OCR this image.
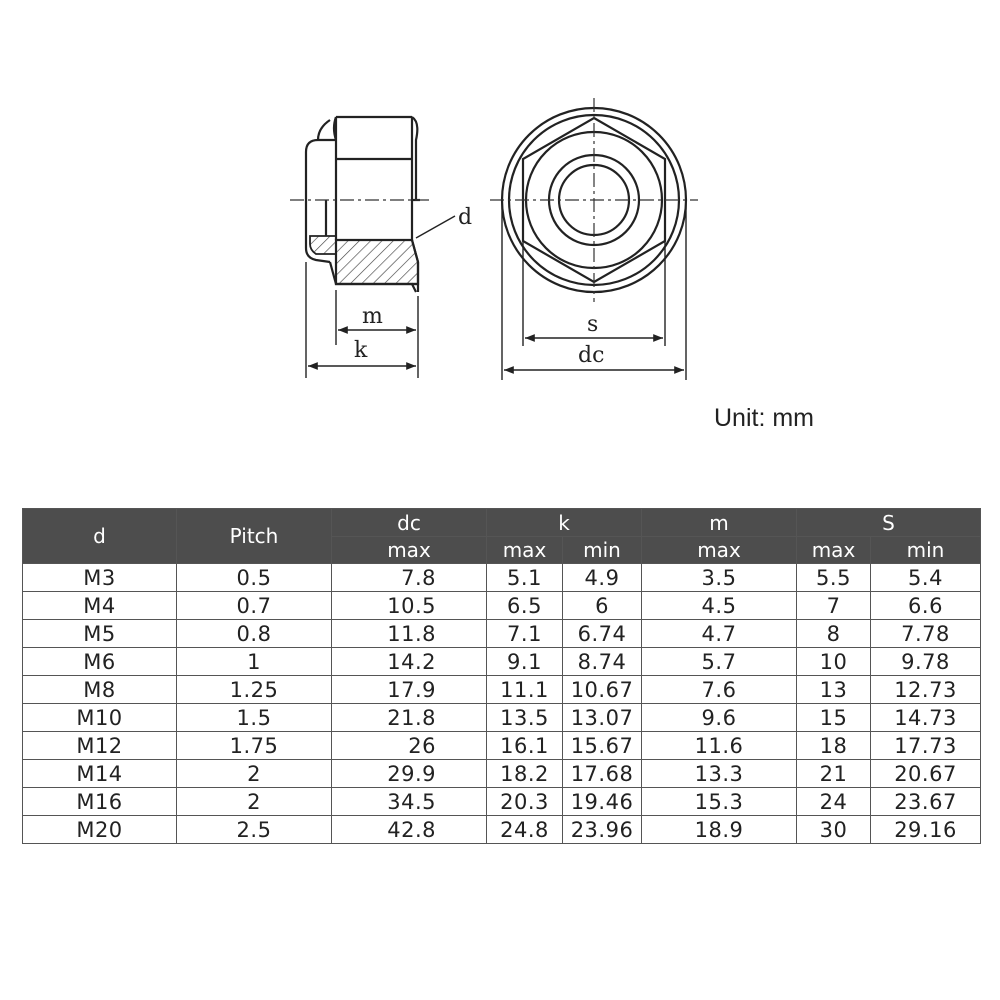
d
m
k
s
dc
Unit: mm
d	Pitch	dc	k		m	S	
		max	max	min	max	max	min
M3	0.5	7.8	5.1	4.9	3.5	5.5	5.4
M4	0.7	10.5	6.5	6	4.5	7	6.6
M5	0.8	11.8	7.1	6.74	4.7	8	7.78
M6	1	14.2	9.1	8.74	5.7	10	9.78
M8	1.25	17.9	11.1	10.67	7.6	13	12.73
M10	1.5	21.8	13.5	13.07	9.6	15	14.73
M12	1.75	26	16.1	15.67	11.6	18	17.73
M14	2	29.9	18.2	17.68	13.3	21	20.67
M16	2	34.5	20.3	19.46	15.3	24	23.67
M20	2.5	42.8	24.8	23.96	18.9	30	29.16
